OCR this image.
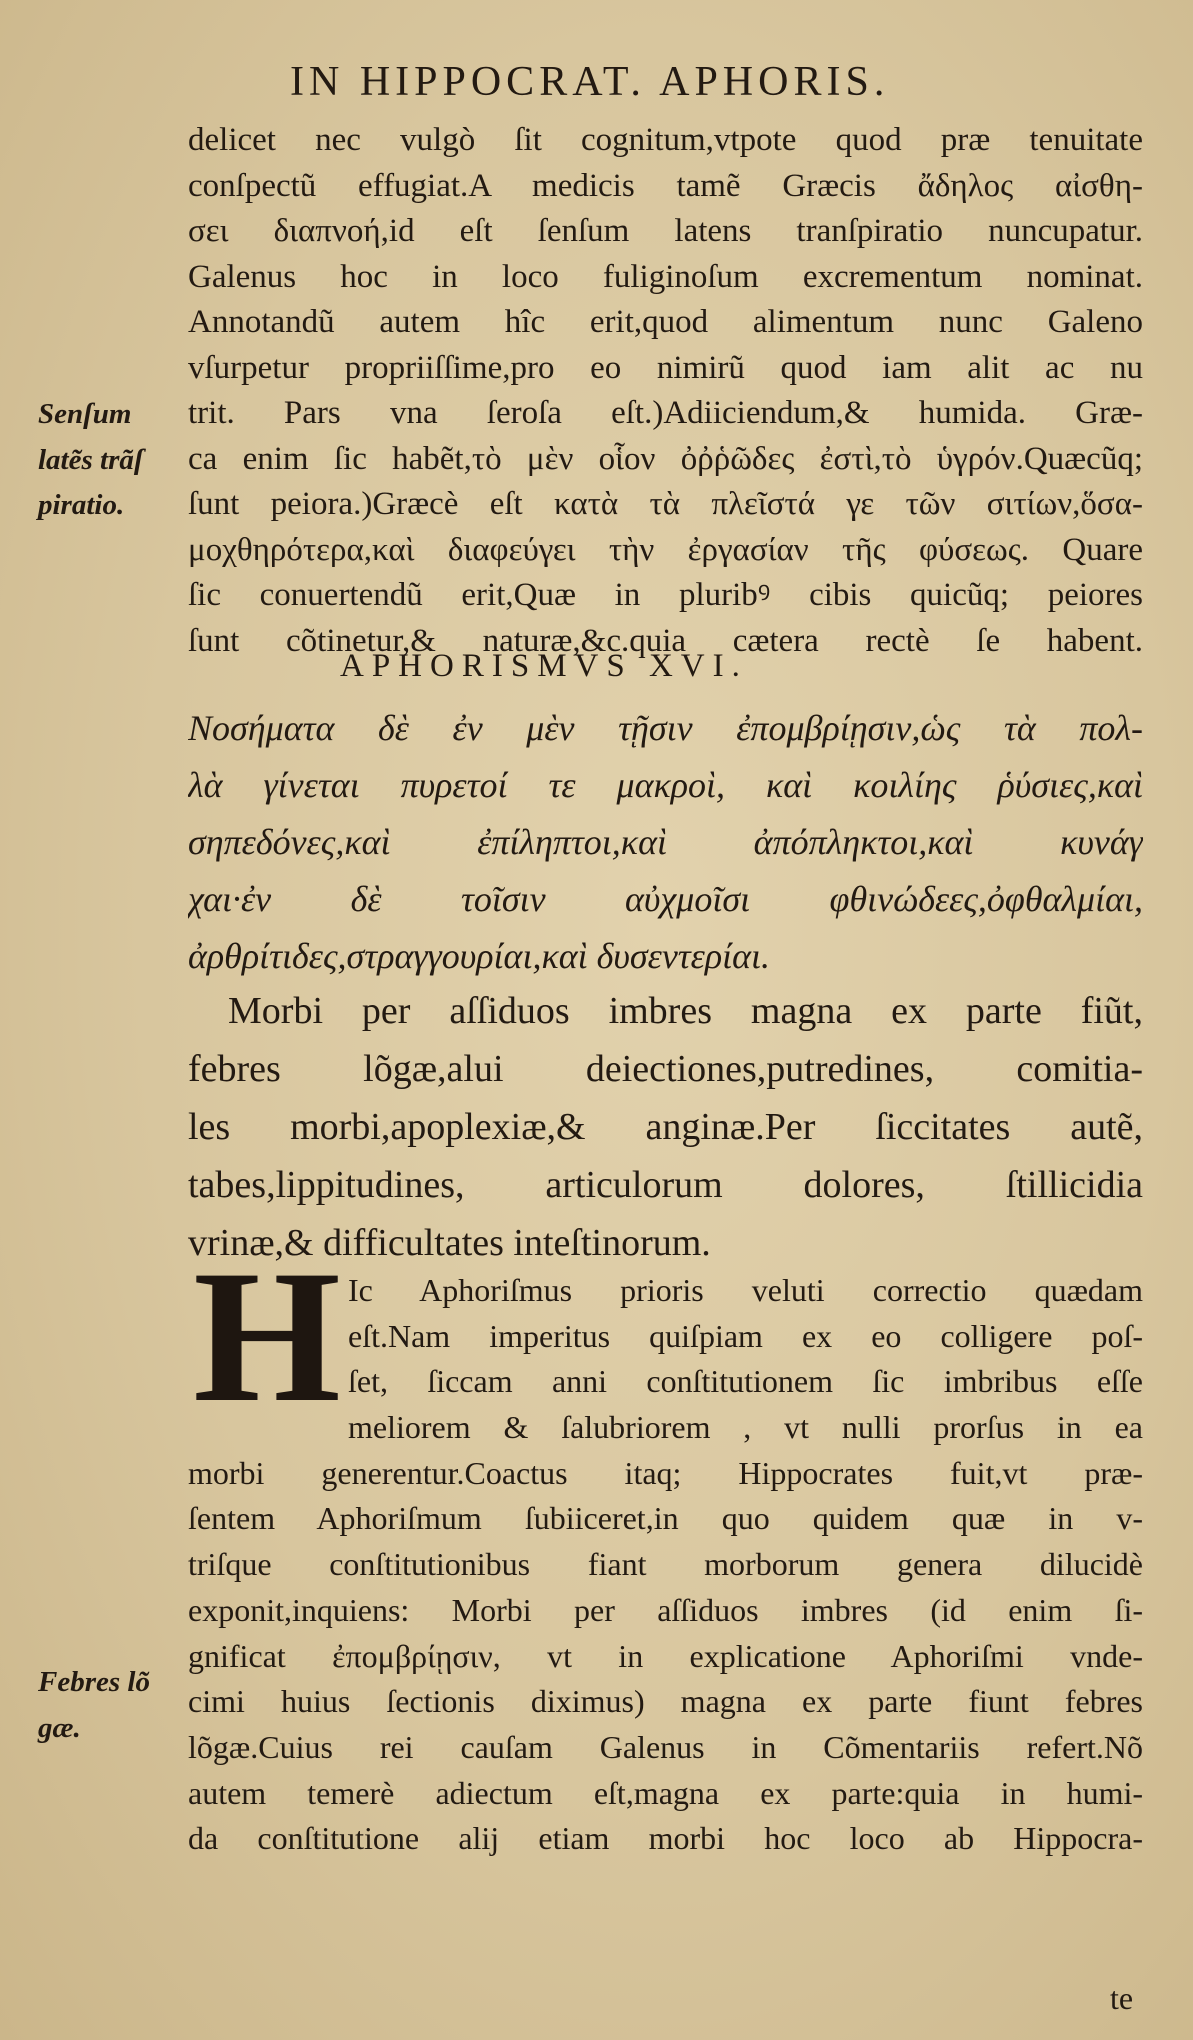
IN HIPPOCRAT. APHORIS.
delicet nec vulgò ſit cognitum,vtpote quod præ tenuitate
conſpectũ effugiat.A medicis tamẽ Græcis ἄδηλος αἰσθη-
σει διαπνοή,id eſt ſenſum latens tranſpiratio nuncupatur.
Galenus hoc in loco fuliginoſum excrementum nominat.
Annotandũ autem hîc erit,quod alimentum nunc Galeno
vſurpetur propriiſſime,pro eo nimirũ quod iam alit ac nu
trit. Pars vna ſeroſa eſt.)Adiiciendum,& humida. Græ-
ca enim ſic habẽt,τὸ μὲν οἷον ὀῤῥῶδες ἐστὶ,τὸ ὑγρόν.Quæcũq;
ſunt peiora.)Græcè eſt κατὰ τὰ πλεῖστά γε τῶν σιτίων,ὅσα-
μοχθηρότερα,καὶ διαφεύγει τὴν ἐργασίαν τῆς φύσεως. Quare
ſic conuertendũ erit,Quæ in pluribꝰ cibis quicũq; peiores
ſunt cõtinetur,& naturæ,&c.quia cætera rectè ſe habent.
Senſum
latẽs trãſ
piratio.
APHORISMVS XVI.
Νοσήματα δὲ ἐν μὲν τῇσιν ἐπομβρίῃσιν,ὡς τὰ πολ-
λὰ γίνεται πυρετοί τε μακροὶ, καὶ κοιλίης ῥύσιες,καὶ
σηπεδόνες,καὶ ἐπίληπτοι,καὶ ἀπόπληκτοι,καὶ κυνάγ
χαι·ἐν δὲ τοῖσιν αὐχμοῖσι φθινώδεες,ὀφθαλμίαι,
ἀρθρίτιδες,στραγγουρίαι,καὶ δυσεντερίαι.
Morbi per aſſiduos imbres magna ex parte fiũt,
febres lõgæ,alui deiectiones,putredines, comitia-
les morbi,apoplexiæ,& anginæ.Per ſiccitates autẽ,
tabes,lippitudines, articulorum dolores, ſtillicidia
vrinæ,& difficultates inteſtinorum.
H Ic Aphoriſmus prioris veluti correctio quædam
eſt.Nam imperitus quiſpiam ex eo colligere poſ-
ſet, ſiccam anni conſtitutionem ſic imbribus eſſe
meliorem & ſalubriorem , vt nulli prorſus in ea
morbi generentur.Coactus itaq; Hippocrates fuit,vt præ-
ſentem Aphoriſmum ſubiiceret,in quo quidem quæ in v-
triſque conſtitutionibus fiant morborum genera dilucidè
exponit,inquiens: Morbi per aſſiduos imbres (id enim ſi-
gnificat ἐπομβρίῃσιν, vt in explicatione Aphoriſmi vnde-
cimi huius ſectionis diximus) magna ex parte fiunt febres
lõgæ.Cuius rei cauſam Galenus in Cõmentariis refert.Nõ
autem temerè adiectum eſt,magna ex parte:quia in humi-
da conſtitutione alij etiam morbi hoc loco ab Hippocra-
Febres lõ
gæ.
te
